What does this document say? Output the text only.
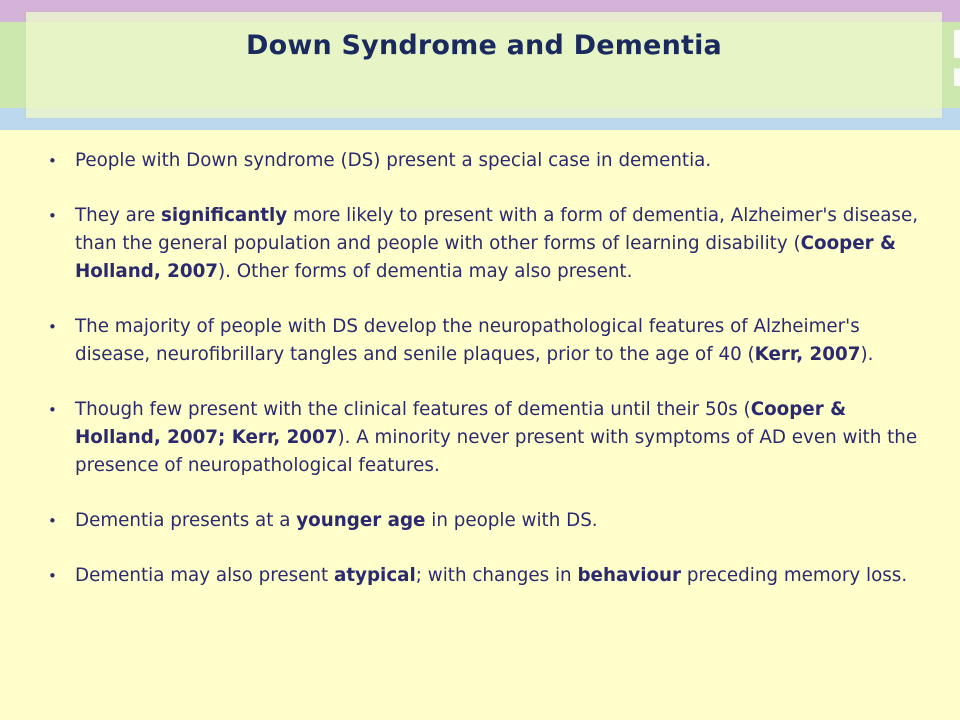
Down Syndrome and Dementia
• People with Down syndrome (DS) present a special case in dementia.
• They are significantly more likely to present with a form of dementia, Alzheimer's disease, than the general population and people with other forms of learning disability (Cooper & Holland, 2007). Other forms of dementia may also present.
• The majority of people with DS develop the neuropathological features of Alzheimer's disease, neurofibrillary tangles and senile plaques, prior to the age of 40 (Kerr, 2007).
• Though few present with the clinical features of dementia until their 50s (Cooper & Holland, 2007; Kerr, 2007). A minority never present with symptoms of AD even with the presence of neuropathological features.
• Dementia presents at a younger age in people with DS.
• Dementia may also present atypical; with changes in behaviour preceding memory loss.
